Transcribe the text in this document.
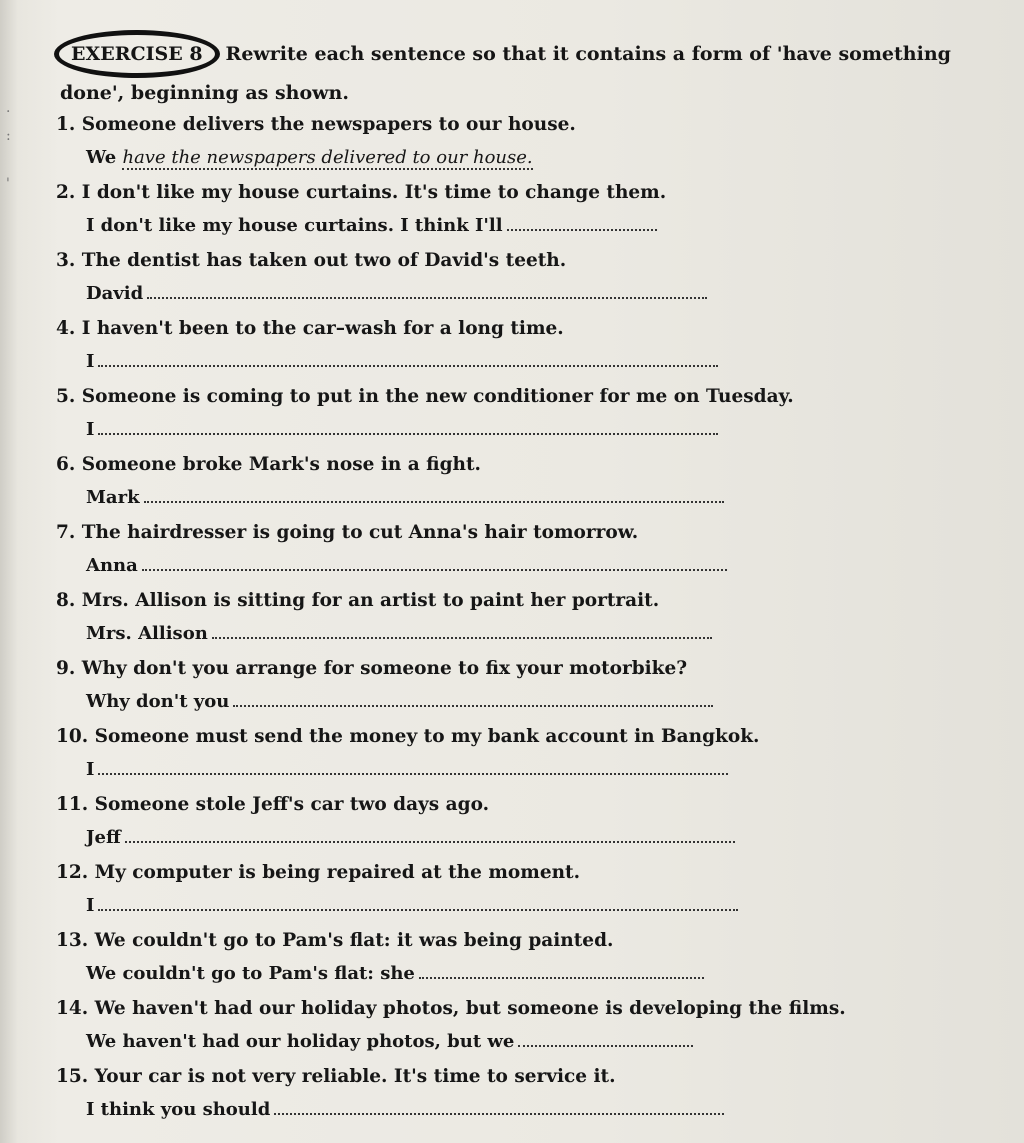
·
:

'
EXERCISE 8 Rewrite each sentence so that it contains a form of 'have something done', beginning as shown.
1. Someone delivers the newspapers to our house.
We have the newspapers delivered to our house.
2. I don't like my house curtains. It's time to change them.
I don't like my house curtains. I think I'll
3. The dentist has taken out two of David's teeth.
David
4. I haven't been to the car–wash for a long time.
I
5. Someone is coming to put in the new conditioner for me on Tuesday.
I
6. Someone broke Mark's nose in a fight.
Mark
7. The hairdresser is going to cut Anna's hair tomorrow.
Anna
8. Mrs. Allison is sitting for an artist to paint her portrait.
Mrs. Allison
9. Why don't you arrange for someone to fix your motorbike?
Why don't you
10. Someone must send the money to my bank account in Bangkok.
I
11. Someone stole Jeff's car two days ago.
Jeff
12. My computer is being repaired at the moment.
I
13. We couldn't go to Pam's flat: it was being painted.
We couldn't go to Pam's flat: she
14. We haven't had our holiday photos, but someone is developing the films.
We haven't had our holiday photos, but we
15. Your car is not very reliable. It's time to service it.
I think you should
